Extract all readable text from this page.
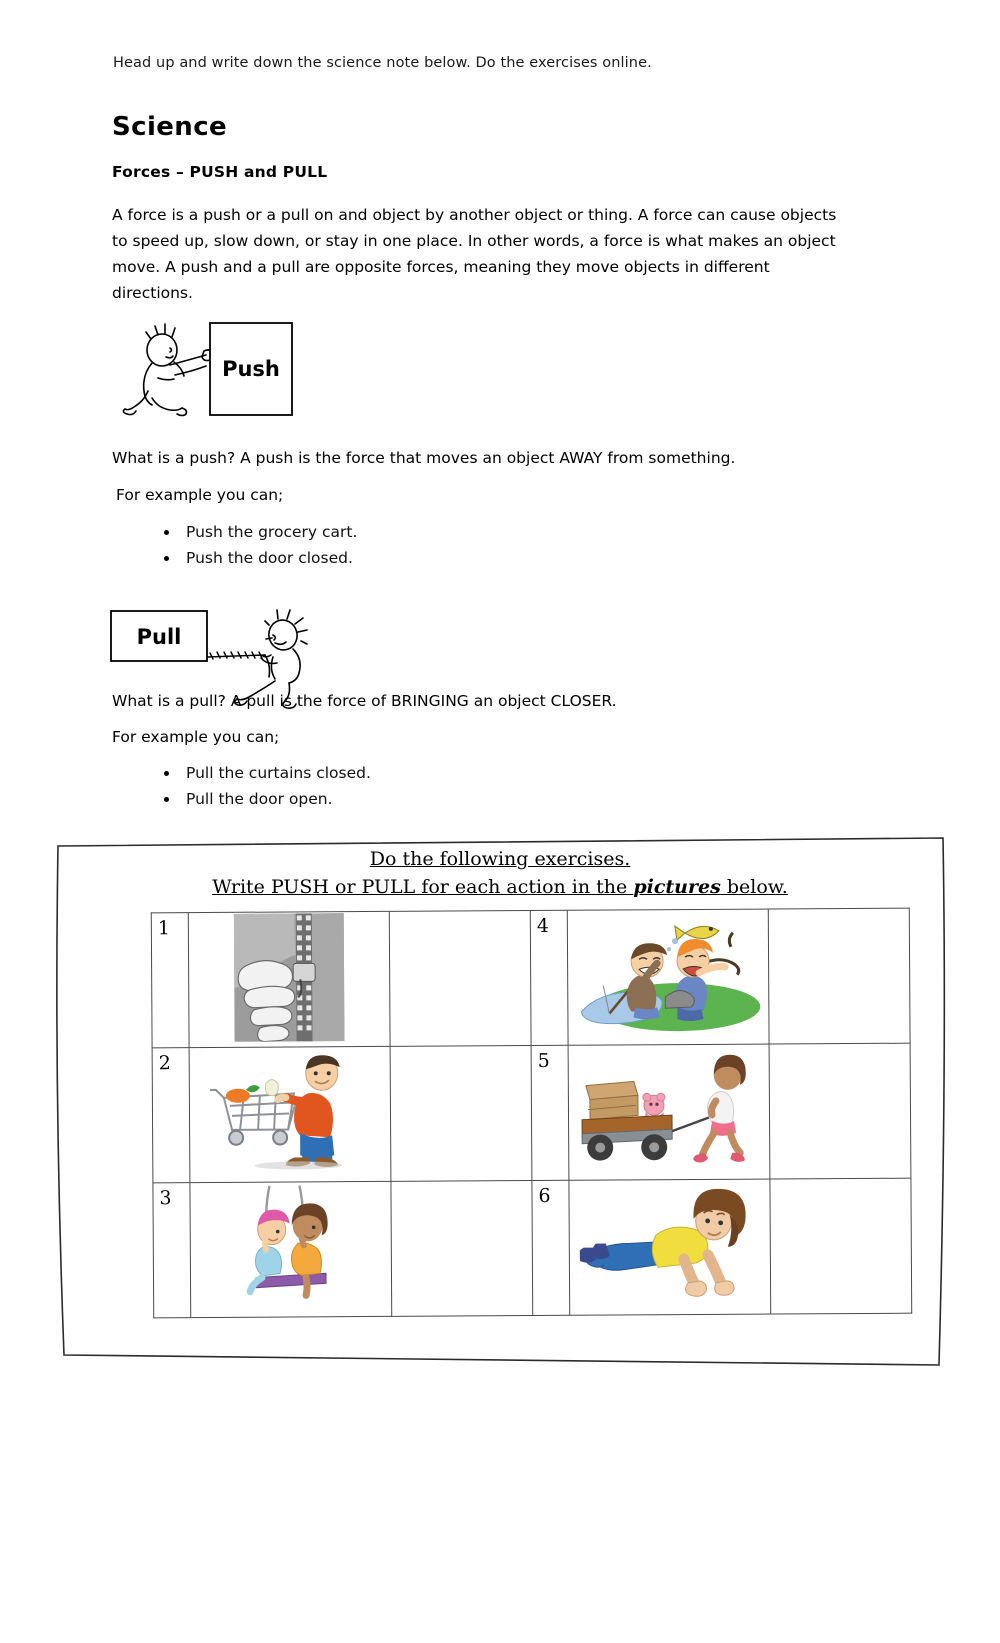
Head up and write down the science note below. Do the exercises online.
Science
Forces – PUSH and PULL
A force is a push or a pull on and object by another object or thing. A force can cause objects to speed up, slow down, or stay in one place. In other words, a force is what makes an object move. A push and a pull are opposite forces, meaning they move objects in different directions.
Push
What is a push? A push is the force that moves an object AWAY from something.
For example you can;
Push the grocery cart.
Push the door closed.
Pull
What is a pull? A pull is the force of BRINGING an object CLOSER.
For example you can;
Pull the curtains closed.
Pull the door open.
Do the following exercises.
Write PUSH or PULL for each action in the pictures below.
1			4	

2			5	

3			6	
